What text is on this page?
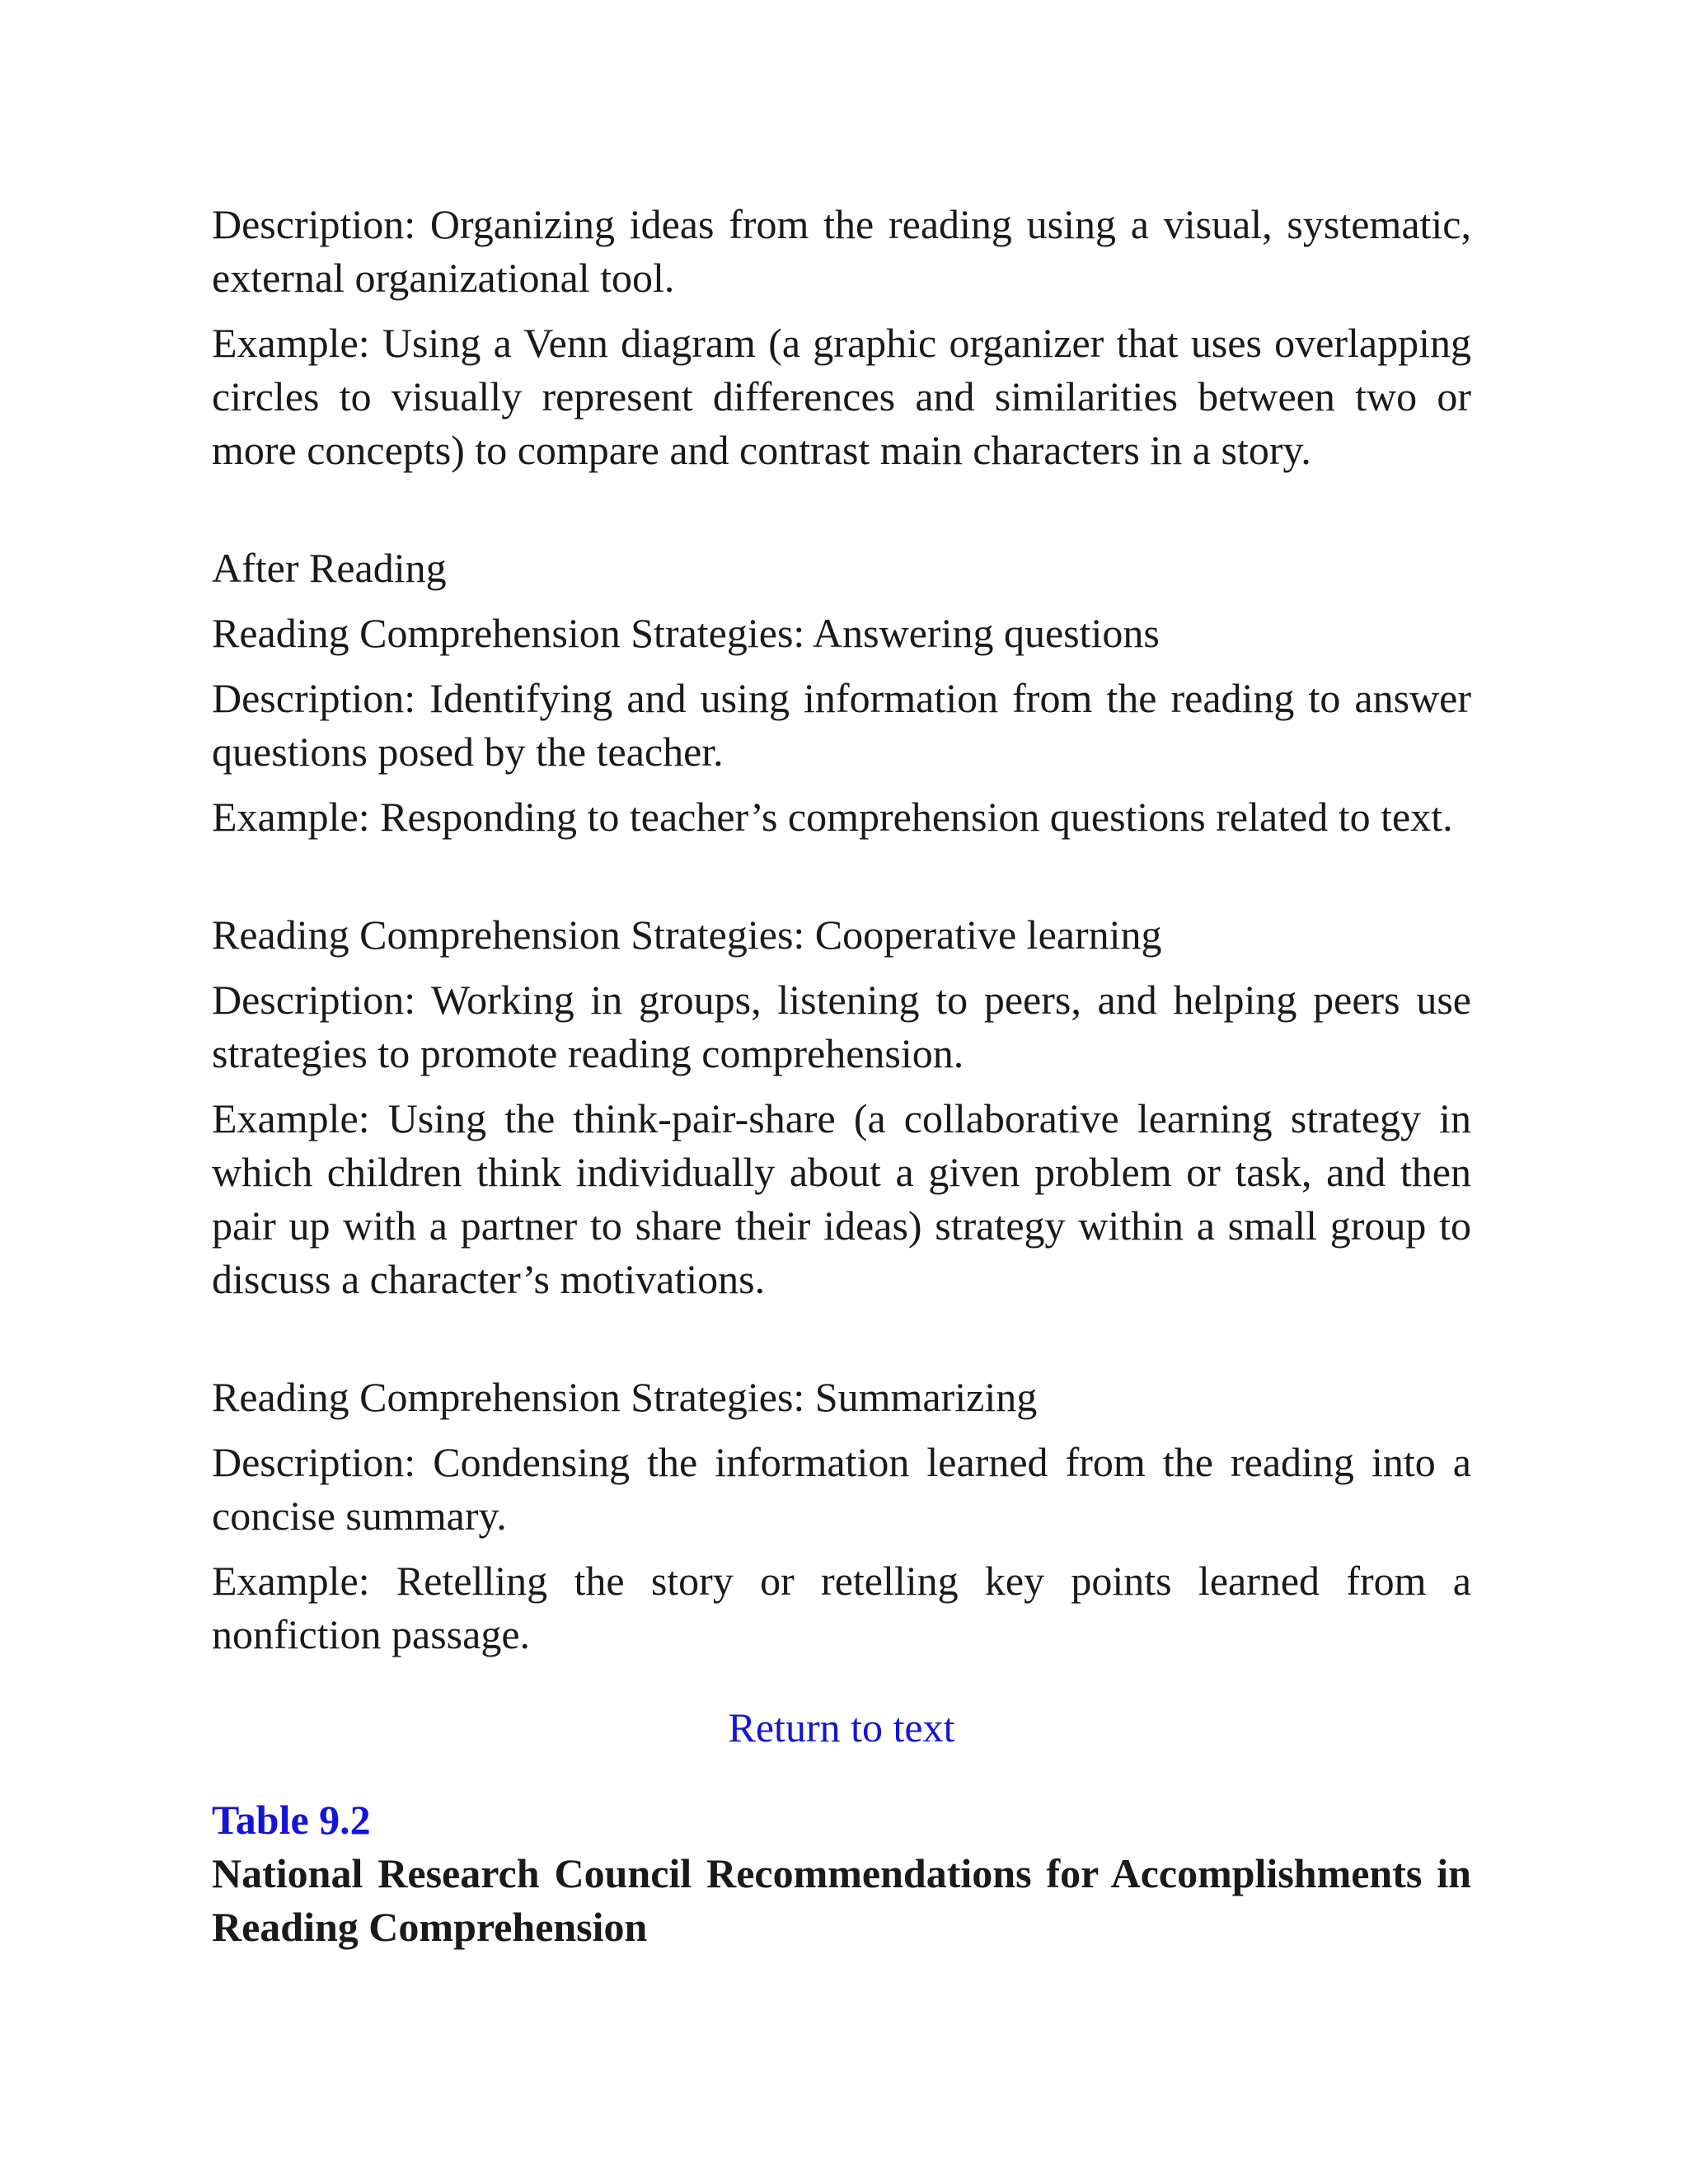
Description: Organizing ideas from the reading using a visual, systematic, external organizational tool.

Example: Using a Venn diagram (a graphic organizer that uses overlapping circles to visually represent differences and similarities between two or more concepts) to compare and contrast main characters in a story.

After Reading

Reading Comprehension Strategies: Answering questions

Description: Identifying and using information from the reading to answer questions posed by the teacher.

Example: Responding to teacher’s comprehension questions related to text.

Reading Comprehension Strategies: Cooperative learning

Description: Working in groups, listening to peers, and helping peers use strategies to promote reading comprehension.

Example: Using the think-pair-share (a collaborative learning strategy in which children think individually about a given problem or task, and then pair up with a partner to share their ideas) strategy within a small group to discuss a character’s motivations.

Reading Comprehension Strategies: Summarizing

Description: Condensing the information learned from the reading into a concise summary.

Example: Retelling the story or retelling key points learned from a nonfiction passage.

Return to text

Table 9.2

National Research Council Recommendations for Accomplishments in Reading Comprehension
